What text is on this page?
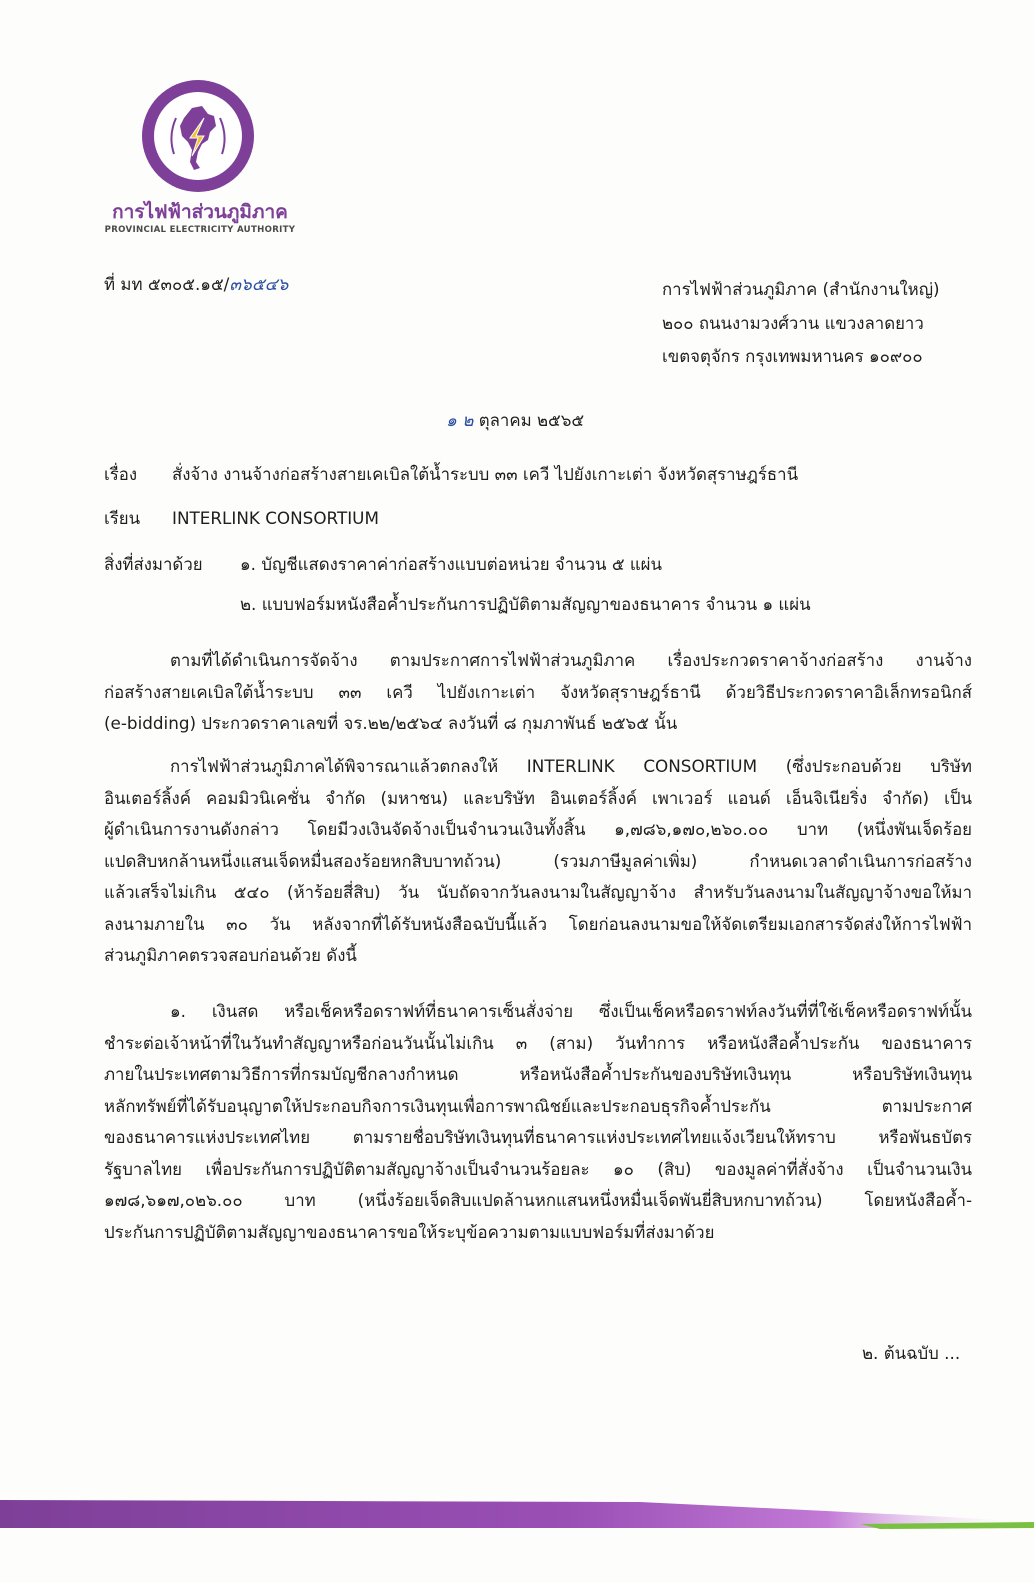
การไฟฟ้าส่วนภูมิภาค
PROVINCIAL ELECTRICITY AUTHORITY
ที่ มท ๕๓๐๕.๑๕/๓๖๕๔๖	การไฟฟ้าส่วนภูมิภาค (สำนักงานใหญ่)
๒๐๐ ถนนงามวงศ์วาน แขวงลาดยาว
เขตจตุจักร กรุงเทพมหานคร ๑๐๙๐๐
๑ ๒ ตุลาคม ๒๕๖๕
เรื่อง สั่งจ้าง งานจ้างก่อสร้างสายเคเบิลใต้น้ำระบบ ๓๓ เควี ไปยังเกาะเต่า จังหวัดสุราษฎร์ธานี
เรียน INTERLINK CONSORTIUM
สิ่งที่ส่งมาด้วย ๑. บัญชีแสดงราคาค่าก่อสร้างแบบต่อหน่วย จำนวน ๕ แผ่น
๒. แบบฟอร์มหนังสือค้ำประกันการปฏิบัติตามสัญญาของธนาคาร จำนวน ๑ แผ่น
ตามที่ได้ดำเนินการจัดจ้าง ตามประกาศการไฟฟ้าส่วนภูมิภาค เรื่องประกวดราคาจ้างก่อสร้าง งานจ้าง
ก่อสร้างสายเคเบิลใต้น้ำระบบ ๓๓ เควี ไปยังเกาะเต่า จังหวัดสุราษฎร์ธานี ด้วยวิธีประกวดราคาอิเล็กทรอนิกส์
(e-bidding) ประกวดราคาเลขที่ จร.๒๒/๒๕๖๔ ลงวันที่ ๘ กุมภาพันธ์ ๒๕๖๕ นั้น
การไฟฟ้าส่วนภูมิภาคได้พิจารณาแล้วตกลงให้ INTERLINK CONSORTIUM (ซึ่งประกอบด้วย บริษัท
อินเตอร์ลิ้งค์ คอมมิวนิเคชั่น จำกัด (มหาชน) และบริษัท อินเตอร์ลิ้งค์ เพาเวอร์ แอนด์ เอ็นจิเนียริ่ง จำกัด) เป็น
ผู้ดำเนินการงานดังกล่าว โดยมีวงเงินจัดจ้างเป็นจำนวนเงินทั้งสิ้น ๑,๗๘๖,๑๗๐,๒๖๐.๐๐ บาท (หนึ่งพันเจ็ดร้อย
แปดสิบหกล้านหนึ่งแสนเจ็ดหมื่นสองร้อยหกสิบบาทถ้วน) (รวมภาษีมูลค่าเพิ่ม) กำหนดเวลาดำเนินการก่อสร้าง
แล้วเสร็จไม่เกิน ๕๔๐ (ห้าร้อยสี่สิบ) วัน นับถัดจากวันลงนามในสัญญาจ้าง สำหรับวันลงนามในสัญญาจ้างขอให้มา
ลงนามภายใน ๓๐ วัน หลังจากที่ได้รับหนังสือฉบับนี้แล้ว โดยก่อนลงนามขอให้จัดเตรียมเอกสารจัดส่งให้การไฟฟ้า
ส่วนภูมิภาคตรวจสอบก่อนด้วย ดังนี้
๑. เงินสด หรือเช็คหรือดราฟท์ที่ธนาคารเซ็นสั่งจ่าย ซึ่งเป็นเช็คหรือดราฟท์ลงวันที่ที่ใช้เช็คหรือดราฟท์นั้น
ชำระต่อเจ้าหน้าที่ในวันทำสัญญาหรือก่อนวันนั้นไม่เกิน ๓ (สาม) วันทำการ หรือหนังสือค้ำประกัน ของธนาคาร
ภายในประเทศตามวิธีการที่กรมบัญชีกลางกำหนด หรือหนังสือค้ำประกันของบริษัทเงินทุน หรือบริษัทเงินทุน
หลักทรัพย์ที่ได้รับอนุญาตให้ประกอบกิจการเงินทุนเพื่อการพาณิชย์และประกอบธุรกิจค้ำประกัน ตามประกาศ
ของธนาคารแห่งประเทศไทย ตามรายชื่อบริษัทเงินทุนที่ธนาคารแห่งประเทศไทยแจ้งเวียนให้ทราบ หรือพันธบัตร
รัฐบาลไทย เพื่อประกันการปฏิบัติตามสัญญาจ้างเป็นจำนวนร้อยละ ๑๐ (สิบ) ของมูลค่าที่สั่งจ้าง เป็นจำนวนเงิน
๑๗๘,๖๑๗,๐๒๖.๐๐ บาท (หนึ่งร้อยเจ็ดสิบแปดล้านหกแสนหนึ่งหมื่นเจ็ดพันยี่สิบหกบาทถ้วน) โดยหนังสือค้ำ-
ประกันการปฏิบัติตามสัญญาของธนาคารขอให้ระบุข้อความตามแบบฟอร์มที่ส่งมาด้วย
๒. ต้นฉบับ ...
